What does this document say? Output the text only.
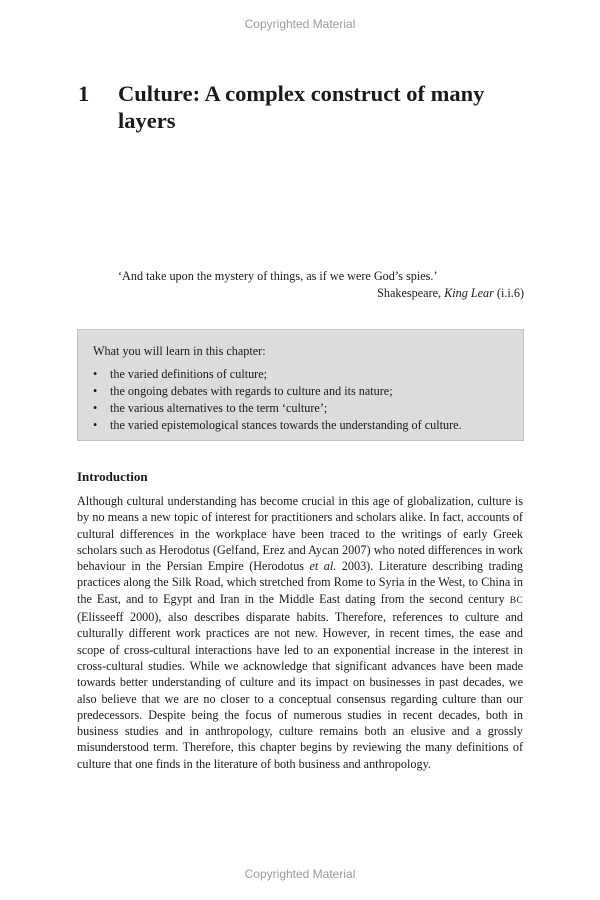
Copyrighted Material
1 Culture: A complex construct of many layers
‘And take upon the mystery of things, as if we were God’s spies.’
Shakespeare, King Lear (i.i.6)
What you will learn in this chapter:
• the varied definitions of culture;
• the ongoing debates with regards to culture and its nature;
• the various alternatives to the term ‘culture’;
• the varied epistemological stances towards the understanding of culture.
Introduction

Although cultural understanding has become crucial in this age of globalization, culture is by no means a new topic of interest for practitioners and scholars alike. In fact, accounts of cultural differences in the workplace have been traced to the writings of early Greek scholars such as Herodotus (Gelfand, Erez and Aycan 2007) who noted differences in work behaviour in the Persian Empire (Herodotus et al. 2003). Literature describing trading practices along the Silk Road, which stretched from Rome to Syria in the West, to China in the East, and to Egypt and Iran in the Middle East dating from the second century BC (Elisseeff 2000), also describes disparate habits. Therefore, references to culture and culturally different work practices are not new. However, in recent times, the ease and scope of cross-cultural interactions have led to an exponential increase in the interest in cross-cultural studies. While we acknowledge that significant advances have been made towards better understanding of culture and its impact on businesses in past decades, we also believe that we are no closer to a conceptual consensus regarding culture than our predecessors. Despite being the focus of numerous studies in recent decades, both in business studies and in anthropology, culture remains both an elusive and a grossly misunderstood term. Therefore, this chapter begins by reviewing the many definitions of culture that one finds in the literature of both business and anthropology.

Copyrighted Material
